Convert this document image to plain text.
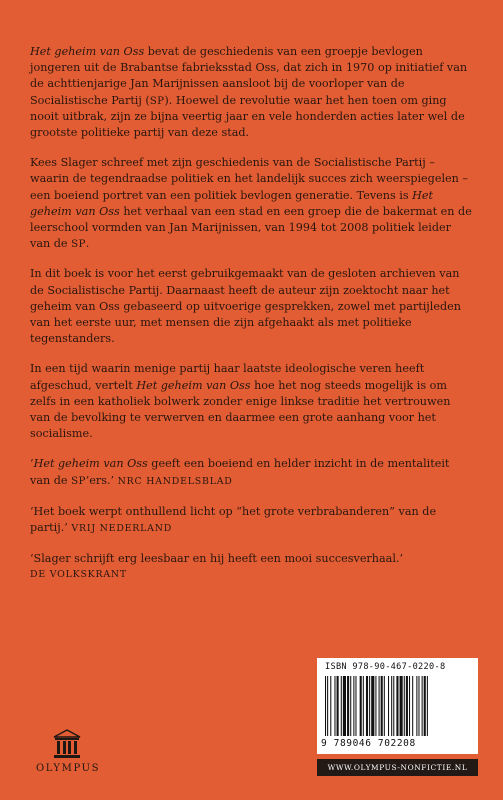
Het geheim van Oss bevat de geschiedenis van een groepje bevlogen jongeren uit de Brabantse fabrieksstad Oss, dat zich in 1970 op initiatief van de achttienjarige Jan Marijnissen aansloot bij de voorloper van de Socialistische Partij (SP). Hoewel de revolutie waar het hen toen om ging nooit uitbrak, zijn ze bijna veertig jaar en vele honderden acties later wel de grootste politieke partij van deze stad.

Kees Slager schreef met zijn geschiedenis van de Socialistische Partij – waarin de tegendraadse politiek en het landelijk succes zich weerspiegelen – een boeiend portret van een politiek bevlogen generatie. Tevens is Het geheim van Oss het verhaal van een stad en een groep die de bakermat en de leerschool vormden van Jan Marijnissen, van 1994 tot 2008 politiek leider van de SP.

In dit boek is voor het eerst gebruikgemaakt van de gesloten archieven van de Socialistische Partij. Daarnaast heeft de auteur zijn zoektocht naar het geheim van Oss gebaseerd op uitvoerige gesprekken, zowel met partijleden van het eerste uur, met mensen die zijn afgehaakt als met politieke tegenstanders.

In een tijd waarin menige partij haar laatste ideologische veren heeft afgeschud, vertelt Het geheim van Oss hoe het nog steeds mogelijk is om zelfs in een katholiek bolwerk zonder enige linkse traditie het vertrouwen van de bevolking te verwerven en daarmee een grote aanhang voor het socialisme.

‘Het geheim van Oss geeft een boeiend en helder inzicht in de mentaliteit van de SP’ers.’ NRC HANDELSBLAD

‘Het boek werpt onthullend licht op “het grote verbrabanderen” van de partij.’ VRIJ NEDERLAND

‘Slager schrijft erg leesbaar en hij heeft een mooi succesverhaal.’
DE VOLKSKRANT

OLYMPUS
ISBN 978-90-467-0220-8
9 789046 702208
WWW.OLYMPUS-NONFICTIE.NL
